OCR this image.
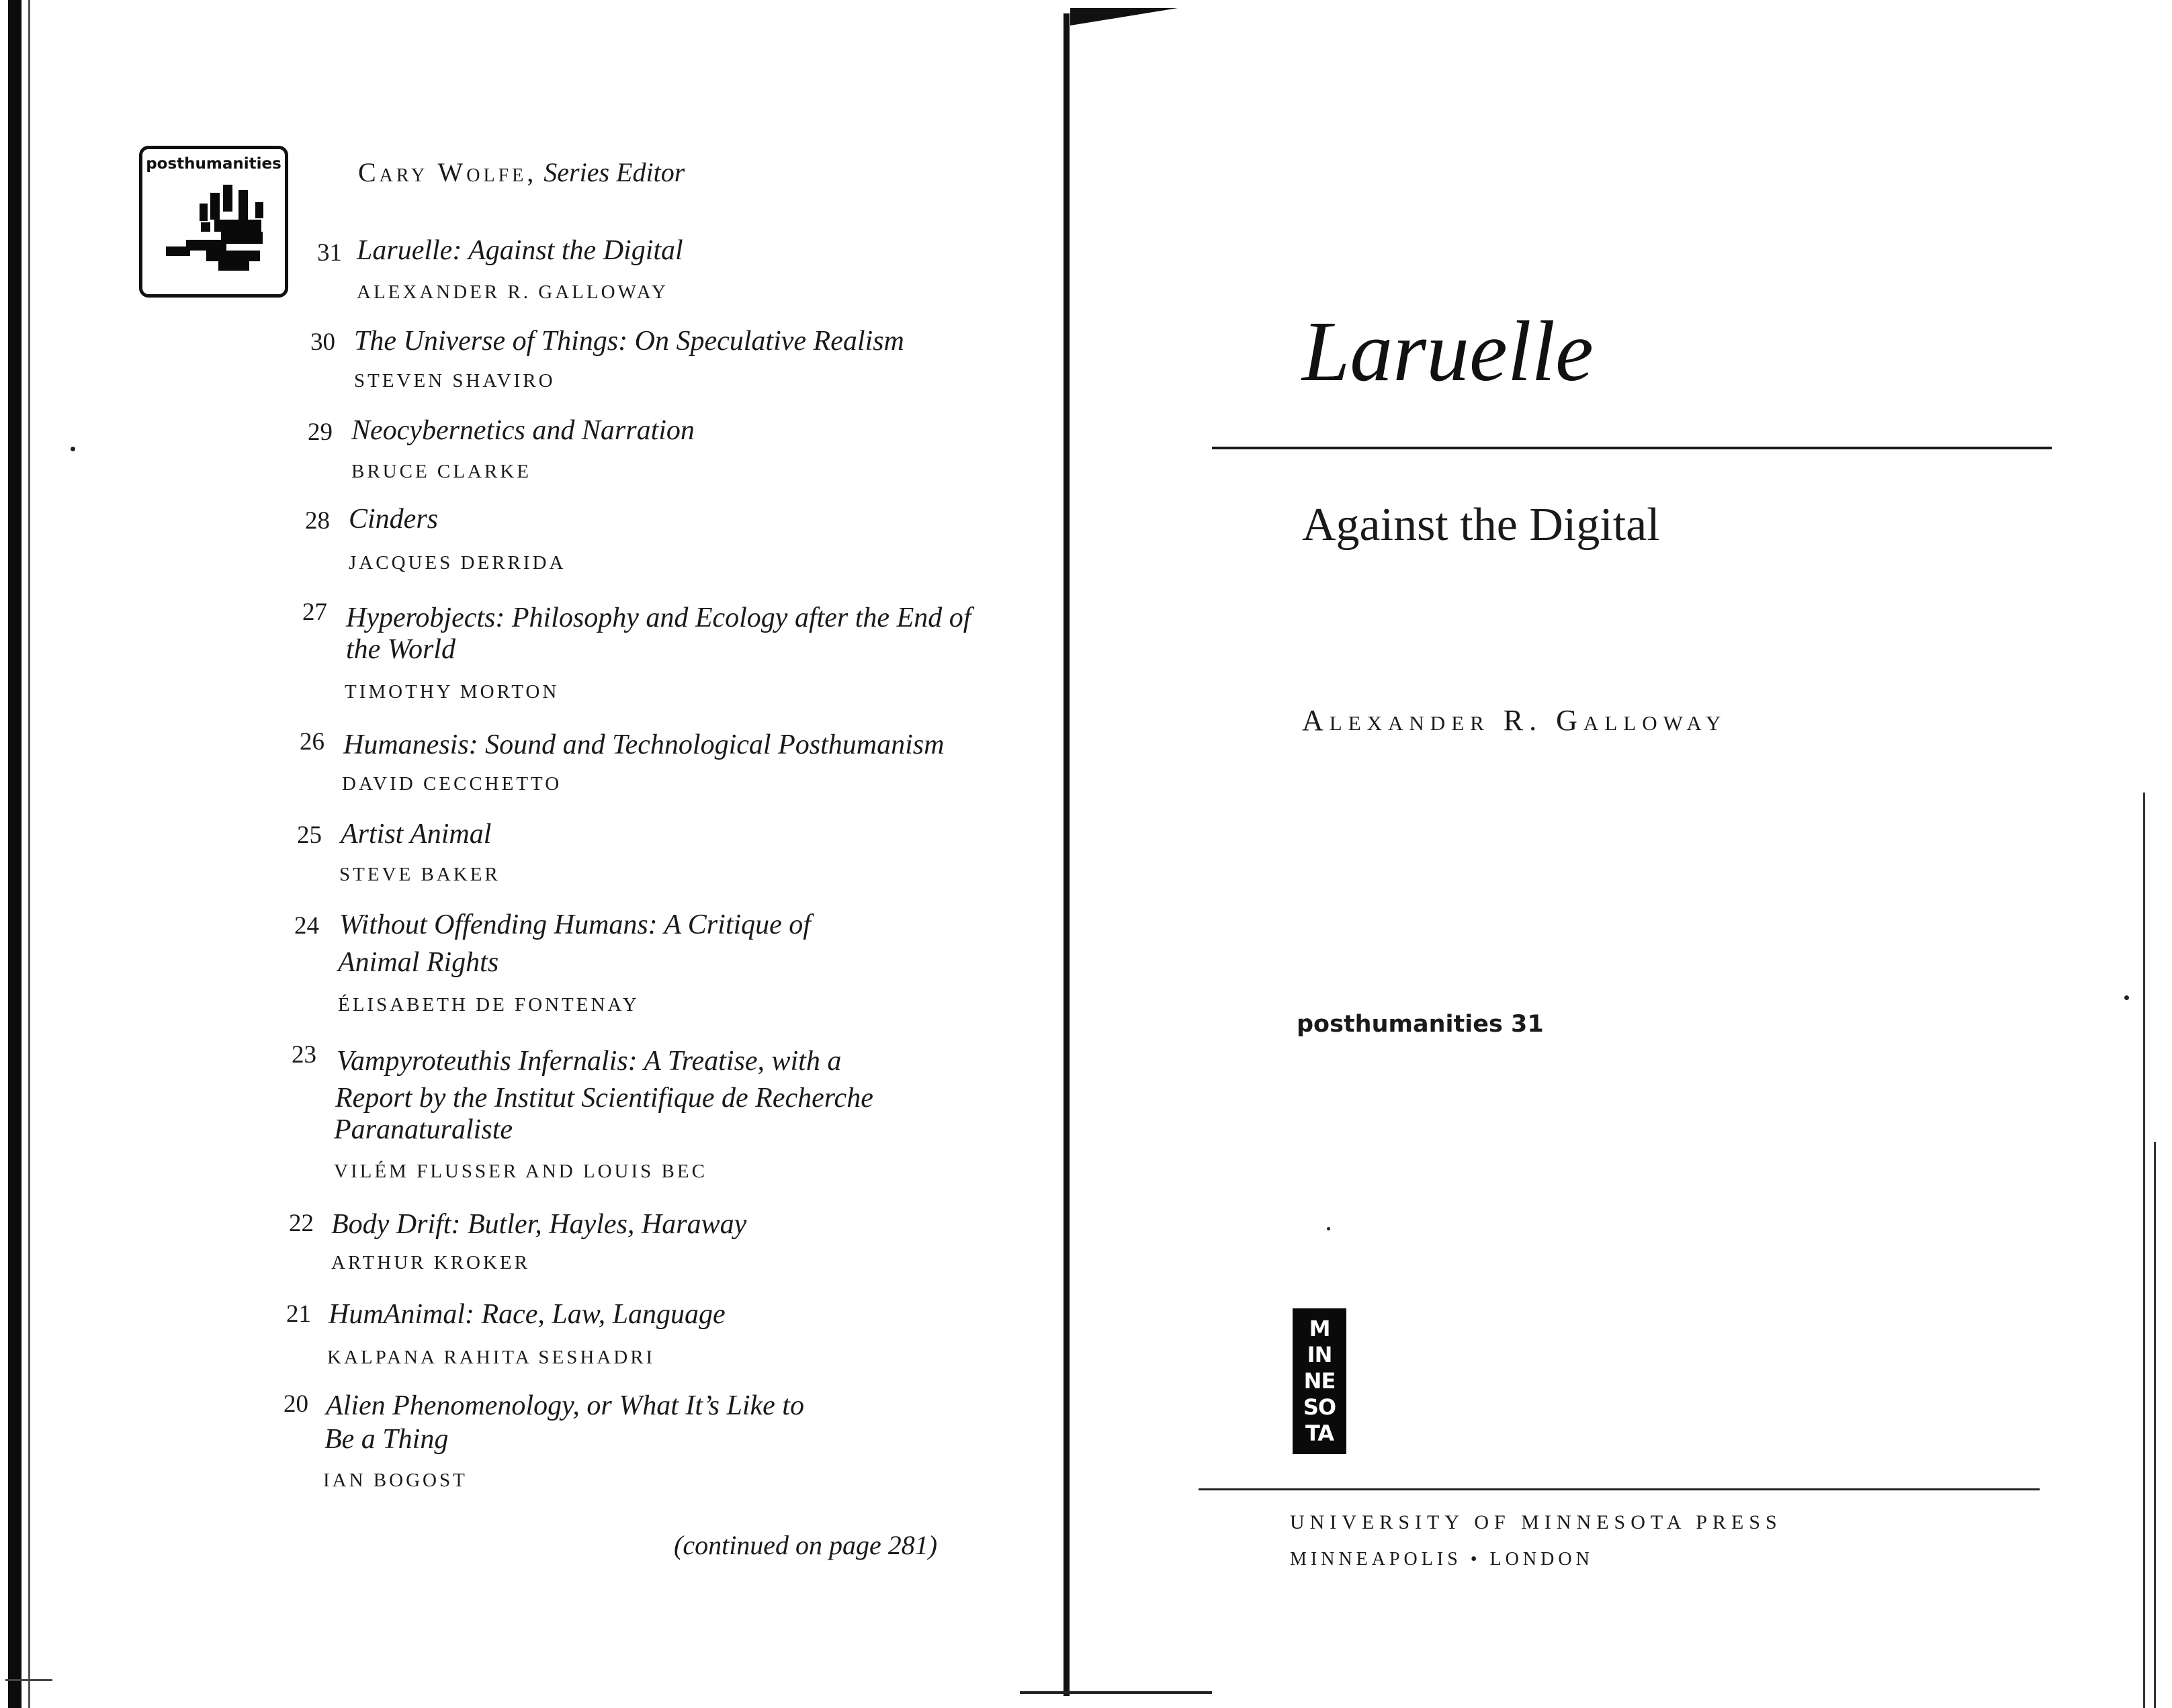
posthumanities	Cary Wolfe, Series Editor
31 Laruelle: Against the Digital
ALEXANDER R. GALLOWAY
30 The Universe of Things: On Speculative Realism
STEVEN SHAVIRO
29 Neocybernetics and Narration
BRUCE CLARKE
28 Cinders
JACQUES DERRIDA
27 Hyperobjects: Philosophy and Ecology after the End of
the World
TIMOTHY MORTON
26 Humanesis: Sound and Technological Posthumanism
DAVID CECCHETTO
25 Artist Animal
STEVE BAKER
24 Without Offending Humans: A Critique of
Animal Rights
ÉLISABETH DE FONTENAY
23 Vampyroteuthis Infernalis: A Treatise, with a
Report by the Institut Scientifique de Recherche
Paranaturaliste
VILÉM FLUSSER AND LOUIS BEC
22 Body Drift: Butler, Hayles, Haraway
ARTHUR KROKER
21 HumAnimal: Race, Law, Language
KALPANA RAHITA SESHADRI
20 Alien Phenomenology, or What It’s Like to
Be a Thing
IAN BOGOST
(continued on page 281)
Laruelle
Against the Digital
Alexander R. Galloway
posthumanities 31
M
IN
NE
SO
TA
UNIVERSITY OF MINNESOTA PRESS
MINNEAPOLIS • LONDON
